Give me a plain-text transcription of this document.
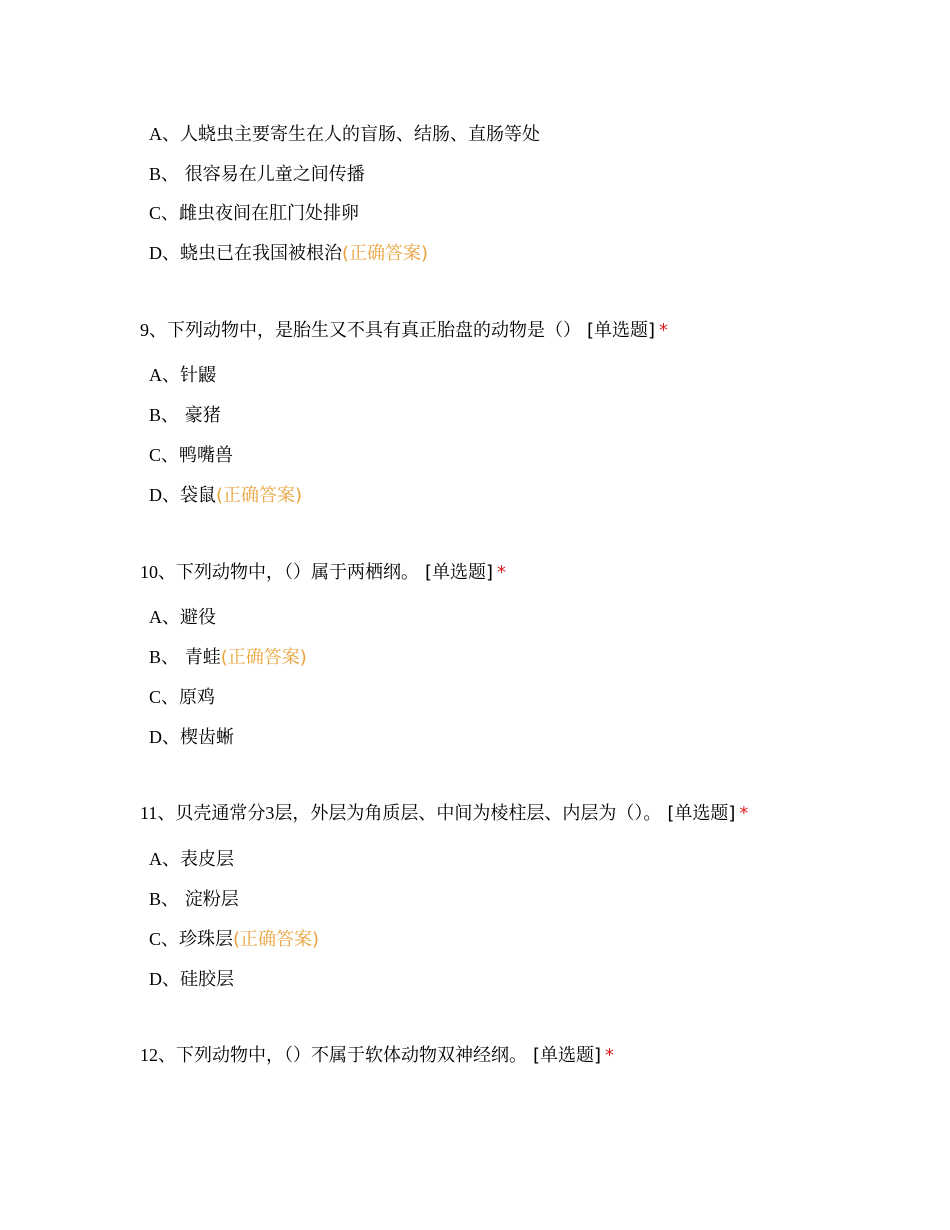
A、人蛲虫主要寄生在人的盲肠、结肠、直肠等处
B、 很容易在儿童之间传播
C、雌虫夜间在肛门处排卵
D、蛲虫已在我国被根治(正确答案)
9、下列动物中，是胎生又不具有真正胎盘的动物是（） [单选题] *
A、针鼹
B、 豪猪
C、鸭嘴兽
D、袋鼠(正确答案)
10、下列动物中，（）属于两栖纲。 [单选题] *
A、避役
B、 青蛙(正确答案)
C、原鸡
D、楔齿蜥
11、贝壳通常分3层，外层为角质层、中间为棱柱层、内层为（）。 [单选题] *
A、表皮层
B、 淀粉层
C、珍珠层(正确答案)
D、硅胶层
12、下列动物中，（）不属于软体动物双神经纲。 [单选题] *
